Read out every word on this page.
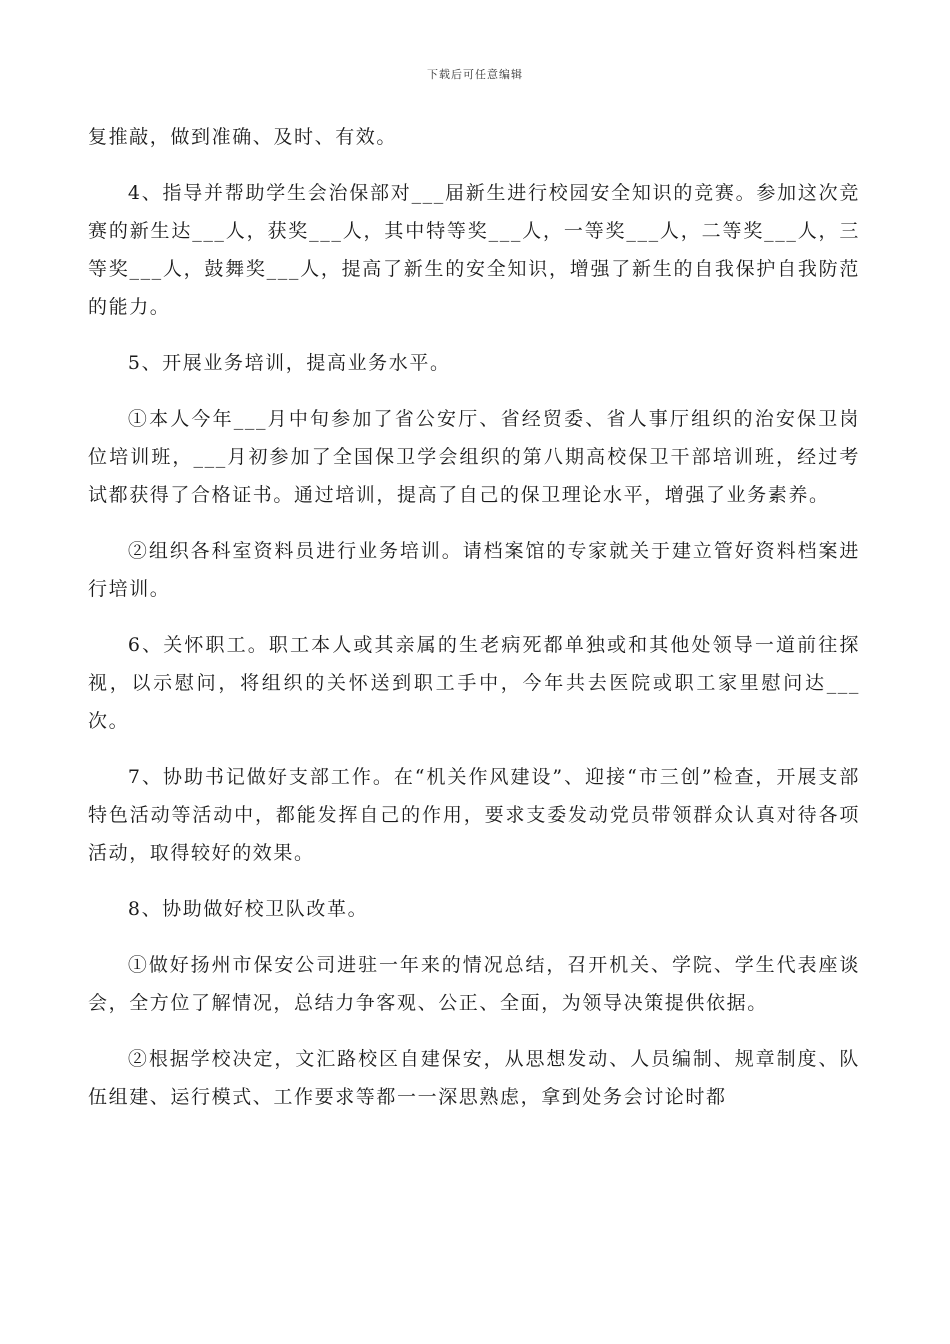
下载后可任意编辑

复推敲，做到准确、及时、有效。

4、指导并帮助学生会治保部对___届新生进行校园安全知识的竞赛。参加这次竞赛的新生达___人，获奖___人，其中特等奖___人，一等奖___人，二等奖___人，三等奖___人，鼓舞奖___人，提高了新生的安全知识，增强了新生的自我保护自我防范的能力。

5、开展业务培训，提高业务水平。

①本人今年___月中旬参加了省公安厅、省经贸委、省人事厅组织的治安保卫岗位培训班，___月初参加了全国保卫学会组织的第八期高校保卫干部培训班，经过考试都获得了合格证书。通过培训，提高了自己的保卫理论水平，增强了业务素养。

②组织各科室资料员进行业务培训。请档案馆的专家就关于建立管好资料档案进行培训。

6、关怀职工。职工本人或其亲属的生老病死都单独或和其他处领导一道前往探视，以示慰问，将组织的关怀送到职工手中，今年共去医院或职工家里慰问达___次。

7、协助书记做好支部工作。在“机关作风建设”、迎接“市三创”检查，开展支部特色活动等活动中，都能发挥自己的作用，要求支委发动党员带领群众认真对待各项活动，取得较好的效果。

8、协助做好校卫队改革。

①做好扬州市保安公司进驻一年来的情况总结，召开机关、学院、学生代表座谈会，全方位了解情况，总结力争客观、公正、全面，为领导决策提供依据。

②根据学校决定，文汇路校区自建保安，从思想发动、人员编制、规章制度、队伍组建、运行模式、工作要求等都一一深思熟虑，拿到处务会讨论时都
